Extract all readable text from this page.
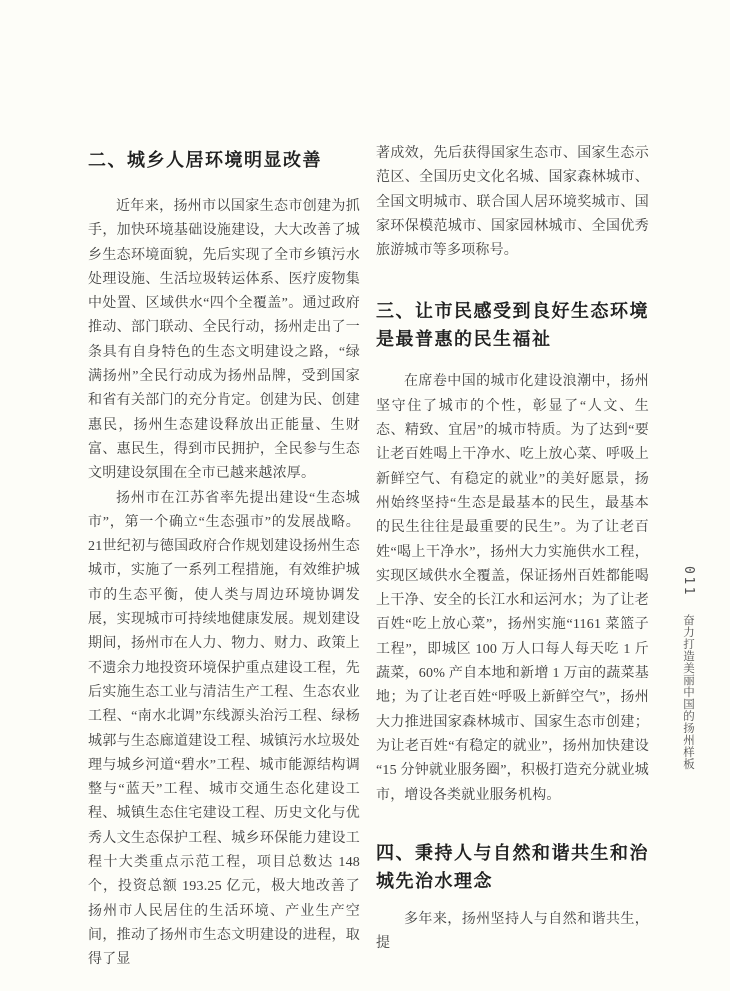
二、城乡人居环境明显改善

近年来，扬州市以国家生态市创建为抓手，加快环境基础设施建设，大大改善了城乡生态环境面貌，先后实现了全市乡镇污水处理设施、生活垃圾转运体系、医疗废物集中处置、区域供水“四个全覆盖”。通过政府推动、部门联动、全民行动，扬州走出了一条具有自身特色的生态文明建设之路，“绿满扬州”全民行动成为扬州品牌，受到国家和省有关部门的充分肯定。创建为民、创建惠民，扬州生态建设释放出正能量、生财富、惠民生，得到市民拥护，全民参与生态文明建设氛围在全市已越来越浓厚。

扬州市在江苏省率先提出建设“生态城市”，第一个确立“生态强市”的发展战略。21世纪初与德国政府合作规划建设扬州生态城市，实施了一系列工程措施，有效维护城市的生态平衡，使人类与周边环境协调发展，实现城市可持续地健康发展。规划建设期间，扬州市在人力、物力、财力、政策上不遗余力地投资环境保护重点建设工程，先后实施生态工业与清洁生产工程、生态农业工程、“南水北调”东线源头治污工程、绿杨城郭与生态廊道建设工程、城镇污水垃圾处理与城乡河道“碧水”工程、城市能源结构调整与“蓝天”工程、城市交通生态化建设工程、城镇生态住宅建设工程、历史文化与优秀人文生态保护工程、城乡环保能力建设工程十大类重点示范工程，项目总数达 148 个，投资总额 193.25 亿元，极大地改善了扬州市人民居住的生活环境、产业生产空间，推动了扬州市生态文明建设的进程，取得了显

著成效，先后获得国家生态市、国家生态示范区、全国历史文化名城、国家森林城市、全国文明城市、联合国人居环境奖城市、国家环保模范城市、国家园林城市、全国优秀旅游城市等多项称号。

三、让市民感受到良好生态环境是最普惠的民生福祉

在席卷中国的城市化建设浪潮中，扬州坚守住了城市的个性，彰显了“人文、生态、精致、宜居”的城市特质。为了达到“要让老百姓喝上干净水、吃上放心菜、呼吸上新鲜空气、有稳定的就业”的美好愿景，扬州始终坚持“生态是最基本的民生，最基本的民生往往是最重要的民生”。为了让老百姓“喝上干净水”，扬州大力实施供水工程，实现区域供水全覆盖，保证扬州百姓都能喝上干净、安全的长江水和运河水；为了让老百姓“吃上放心菜”，扬州实施“1161 菜篮子工程”，即城区 100 万人口每人每天吃 1 斤蔬菜，60% 产自本地和新增 1 万亩的蔬菜基地；为了让老百姓“呼吸上新鲜空气”，扬州大力推进国家森林城市、国家生态市创建；为让老百姓“有稳定的就业”，扬州加快建设“15 分钟就业服务圈”，积极打造充分就业城市，增设各类就业服务机构。

四、秉持人与自然和谐共生和治城先治水理念

多年来，扬州坚持人与自然和谐共生，提

011 奋力打造美丽中国的扬州样板
